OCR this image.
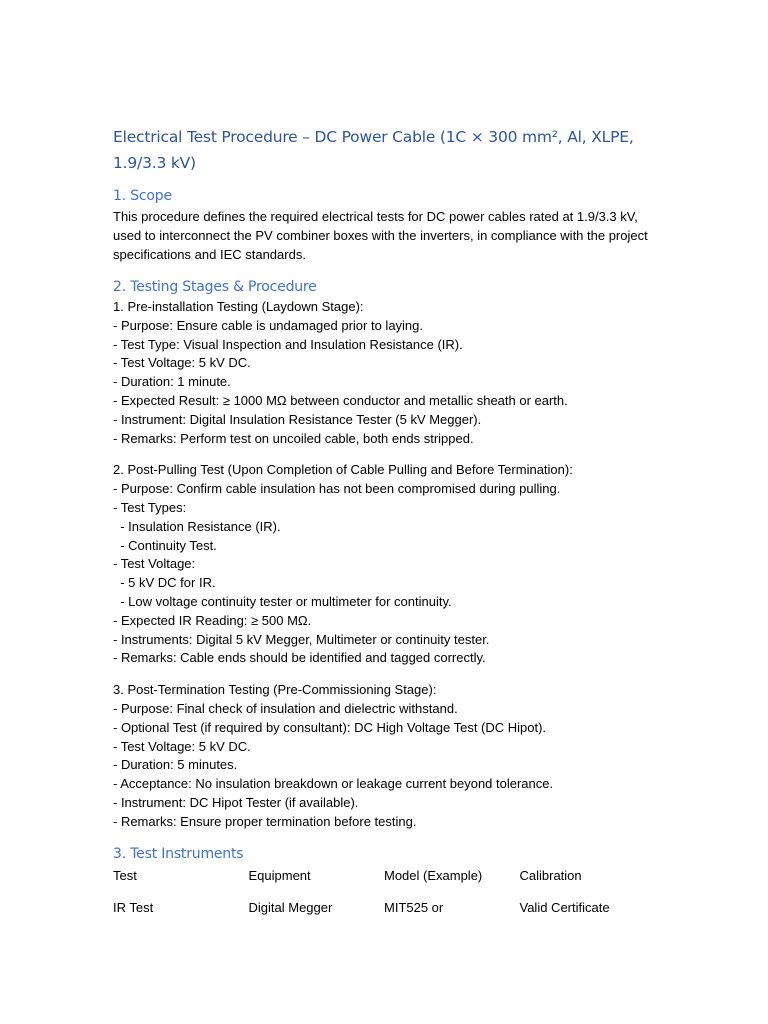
Electrical Test Procedure – DC Power Cable (1C × 300 mm², Al, XLPE, 1.9/3.3 kV)
1. Scope

This procedure defines the required electrical tests for DC power cables rated at 1.9/3.3 kV, used to interconnect the PV combiner boxes with the inverters, in compliance with the project specifications and IEC standards.

2. Testing Stages & Procedure
1. Pre-installation Testing (Laydown Stage):
- Purpose: Ensure cable is undamaged prior to laying.
- Test Type: Visual Inspection and Insulation Resistance (IR).
- Test Voltage: 5 kV DC.
- Duration: 1 minute.
- Expected Result: ≥ 1000 MΩ between conductor and metallic sheath or earth.
- Instrument: Digital Insulation Resistance Tester (5 kV Megger).
- Remarks: Perform test on uncoiled cable, both ends stripped.
2. Post-Pulling Test (Upon Completion of Cable Pulling and Before Termination):
- Purpose: Confirm cable insulation has not been compromised during pulling.
- Test Types:
- Insulation Resistance (IR).
- Continuity Test.
- Test Voltage:
- 5 kV DC for IR.
- Low voltage continuity tester or multimeter for continuity.
- Expected IR Reading: ≥ 500 MΩ.
- Instruments: Digital 5 kV Megger, Multimeter or continuity tester.
- Remarks: Cable ends should be identified and tagged correctly.
3. Post-Termination Testing (Pre-Commissioning Stage):
- Purpose: Final check of insulation and dielectric withstand.
- Optional Test (if required by consultant): DC High Voltage Test (DC Hipot).
- Test Voltage: 5 kV DC.
- Duration: 5 minutes.
- Acceptance: No insulation breakdown or leakage current beyond tolerance.
- Instrument: DC Hipot Tester (if available).
- Remarks: Ensure proper termination before testing.
3. Test Instruments
Test	Equipment	Model (Example)	Calibration
IR Test	Digital Megger	MIT525 or	Valid Certificate
